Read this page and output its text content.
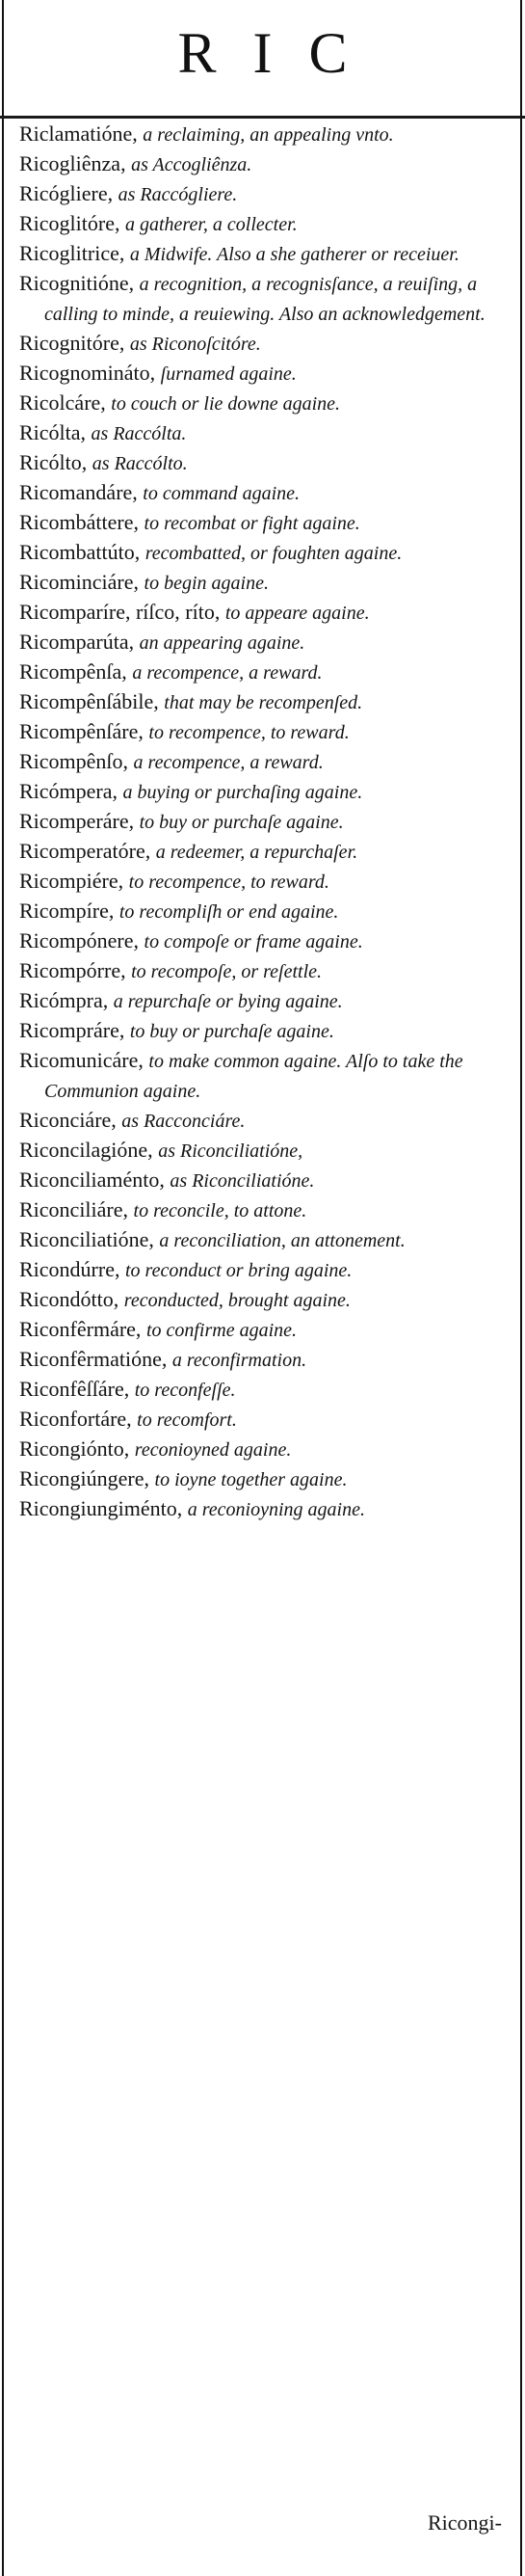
RIC
Riclamatióne, a reclaiming, an appealing vnto.
Ricogliênza, as Accogliênza.
Ricógliere, as Raccógliere.
Ricoglitóre, a gatherer, a collecter.
Ricoglitrice, a Midwife. Also a she gatherer or receiuer.
Ricognitióne, a recognition, a recognisſance, a reuiſing, a calling to minde, a reuiewing. Also an acknowledgement.
Ricognitóre, as Riconoſcitóre.
Ricognomináto, ſurnamed againe.
Ricolcáre, to couch or lie downe againe.
Ricólta, as Raccólta.
Ricólto, as Raccólto.
Ricomandáre, to command againe.
Ricombáttere, to recombat or fight againe.
Ricombattúto, recombatted, or foughten againe.
Ricominciáre, to begin againe.
Ricomparíre, ríſco, ríto, to appeare againe.
Ricomparúta, an appearing againe.
Ricompênſa, a recompence, a reward.
Ricompênſábile, that may be recompenſed.
Ricompênſáre, to recompence, to reward.
Ricompênſo, a recompence, a reward.
Ricómpera, a buying or purchaſing againe.
Ricomperáre, to buy or purchaſe againe.
Ricomperatóre, a redeemer, a repurchaſer.
Ricompiére, to recompence, to reward.
Ricompíre, to recompliſh or end againe.
Ricompónere, to compoſe or frame againe.
Ricompórre, to recompoſe, or reſettle.
Ricómpra, a repurchaſe or bying againe.
Ricompráre, to buy or purchaſe againe.
Ricomunicáre, to make common againe. Alſo to take the Communion againe.
Riconciáre, as Racconciáre.
Riconcilagióne, as Riconciliatióne,
Riconciliaménto, as Riconciliatióne.
Riconciliáre, to reconcile, to attone.
Riconciliatióne, a reconciliation, an attonement.
Ricondúrre, to reconduct or bring againe.
Ricondótto, reconducted, brought againe.
Riconfêrmáre, to confirme againe.
Riconfêrmatióne, a reconfirmation.
Riconfêſſáre, to reconfeſſe.
Riconfortáre, to recomfort.
Ricongiónto, reconioyned againe.
Ricongiúngere, to ioyne together againe.
Ricongiungiménto, a reconioyning againe.
Ricongi-
